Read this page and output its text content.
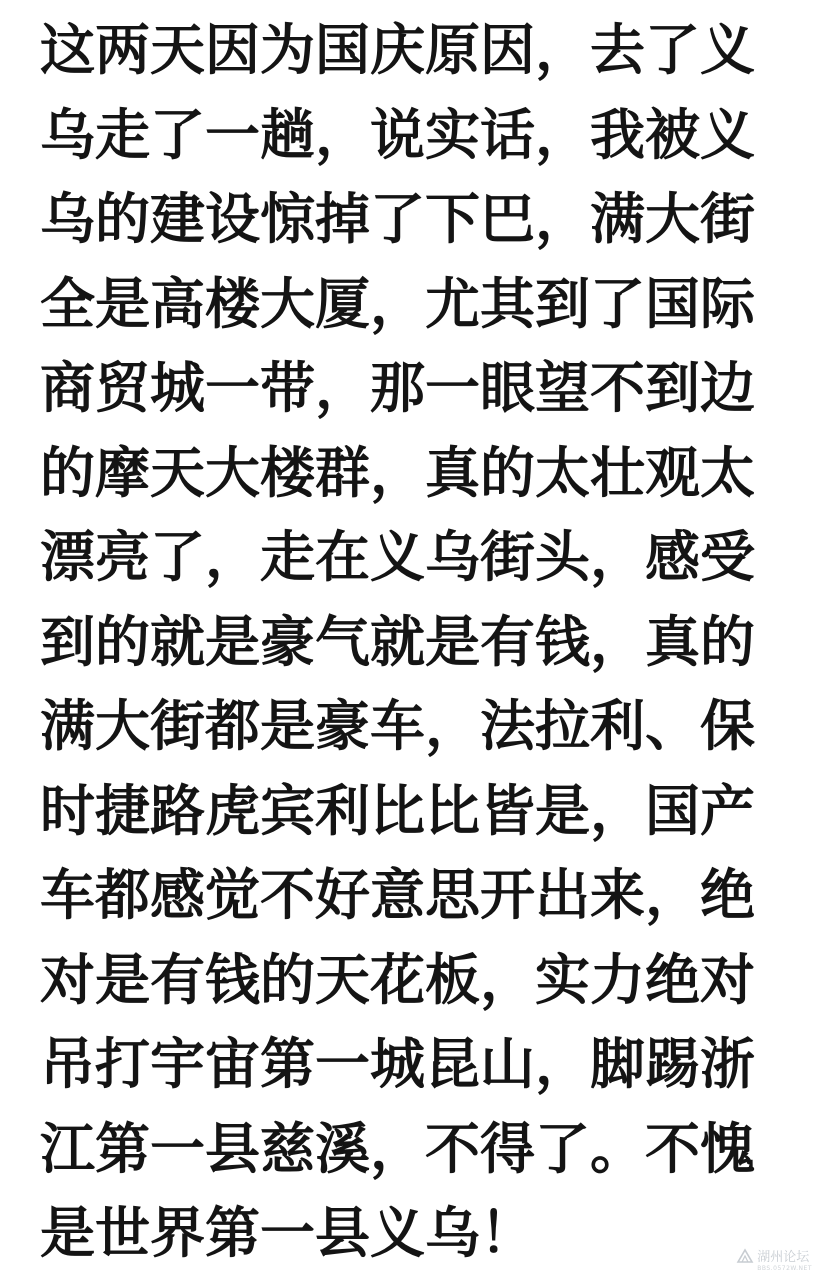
这两天因为国庆原因，去了义

乌走了一趟，说实话，我被义

乌的建设惊掉了下巴，满大街

全是高楼大厦，尤其到了国际

商贸城一带，那一眼望不到边

的摩天大楼群，真的太壮观太

漂亮了，走在义乌街头，感受

到的就是豪气就是有钱，真的

满大街都是豪车，法拉利、保

时捷路虎宾利比比皆是，国产

车都感觉不好意思开出来，绝

对是有钱的天花板，实力绝对

吊打宇宙第一城昆山，脚踢浙

江第一县慈溪，不得了。不愧

是世界第一县义乌！	湖州论坛
BBS.0572W.NET
